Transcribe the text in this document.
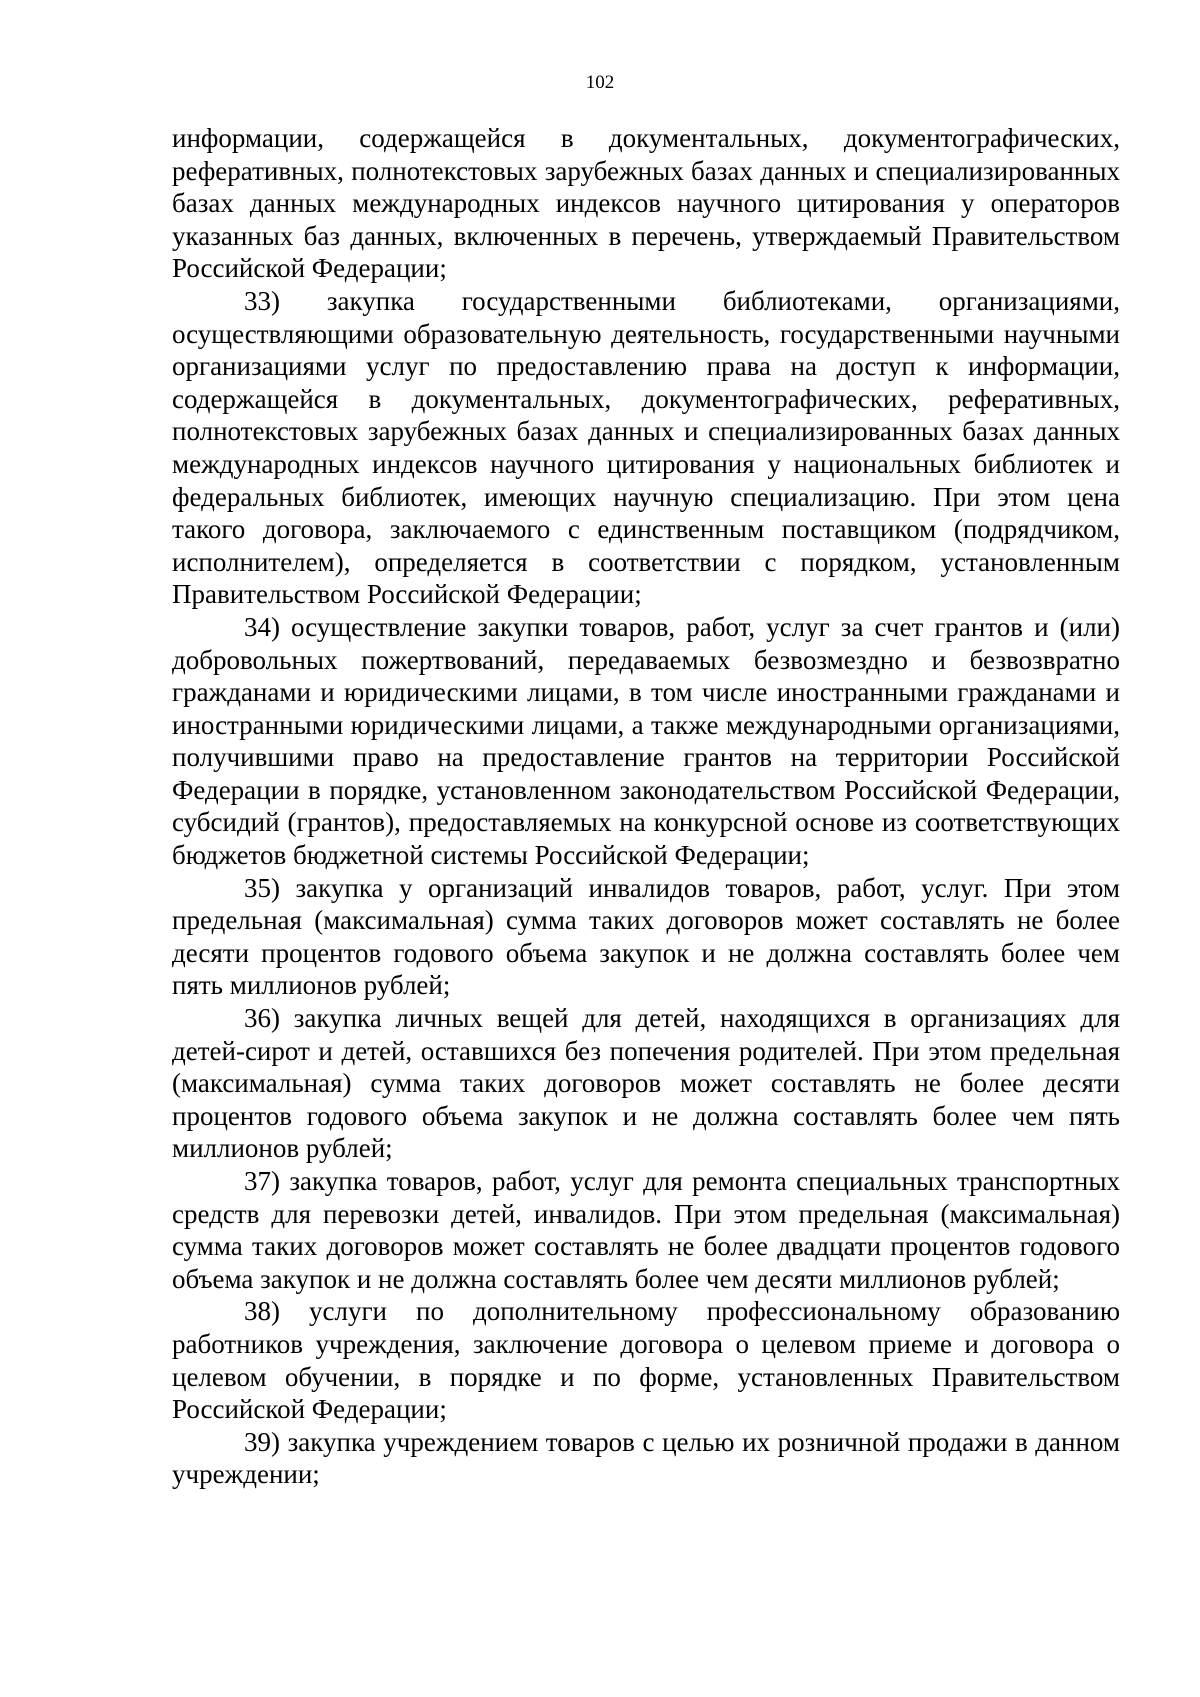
102

информации, содержащейся в документальных, документографических, реферативных, полнотекстовых зарубежных базах данных и специализированных базах данных международных индексов научного цитирования у операторов указанных баз данных, включенных в перечень, утверждаемый Правительством Российской Федерации;

33) закупка государственными библиотеками, организациями, осуществляющими образовательную деятельность, государственными научными организациями услуг по предоставлению права на доступ к информации, содержащейся в документальных, документографических, реферативных, полнотекстовых зарубежных базах данных и специализированных базах данных международных индексов научного цитирования у национальных библиотек и федеральных библиотек, имеющих научную специализацию. При этом цена такого договора, заключаемого с единственным поставщиком (подрядчиком, исполнителем), определяется в соответствии с порядком, установленным Правительством Российской Федерации;

34) осуществление закупки товаров, работ, услуг за счет грантов и (или) добровольных пожертвований, передаваемых безвозмездно и безвозвратно гражданами и юридическими лицами, в том числе иностранными гражданами и иностранными юридическими лицами, а также международными организациями, получившими право на предоставление грантов на территории Российской Федерации в порядке, установленном законодательством Российской Федерации, субсидий (грантов), предоставляемых на конкурсной основе из соответствующих бюджетов бюджетной системы Российской Федерации;

35) закупка у организаций инвалидов товаров, работ, услуг. При этом предельная (максимальная) сумма таких договоров может составлять не более десяти процентов годового объема закупок и не должна составлять более чем пять миллионов рублей;

36) закупка личных вещей для детей, находящихся в организациях для детей-сирот и детей, оставшихся без попечения родителей. При этом предельная (максимальная) сумма таких договоров может составлять не более десяти процентов годового объема закупок и не должна составлять более чем пять миллионов рублей;

37) закупка товаров, работ, услуг для ремонта специальных транспортных средств для перевозки детей, инвалидов. При этом предельная (максимальная) сумма таких договоров может составлять не более двадцати процентов годового объема закупок и не должна составлять более чем десяти миллионов рублей;

38) услуги по дополнительному профессиональному образованию работников учреждения, заключение договора о целевом приеме и договора о целевом обучении, в порядке и по форме, установленных Правительством Российской Федерации;

39) закупка учреждением товаров с целью их розничной продажи в данном учреждении;
